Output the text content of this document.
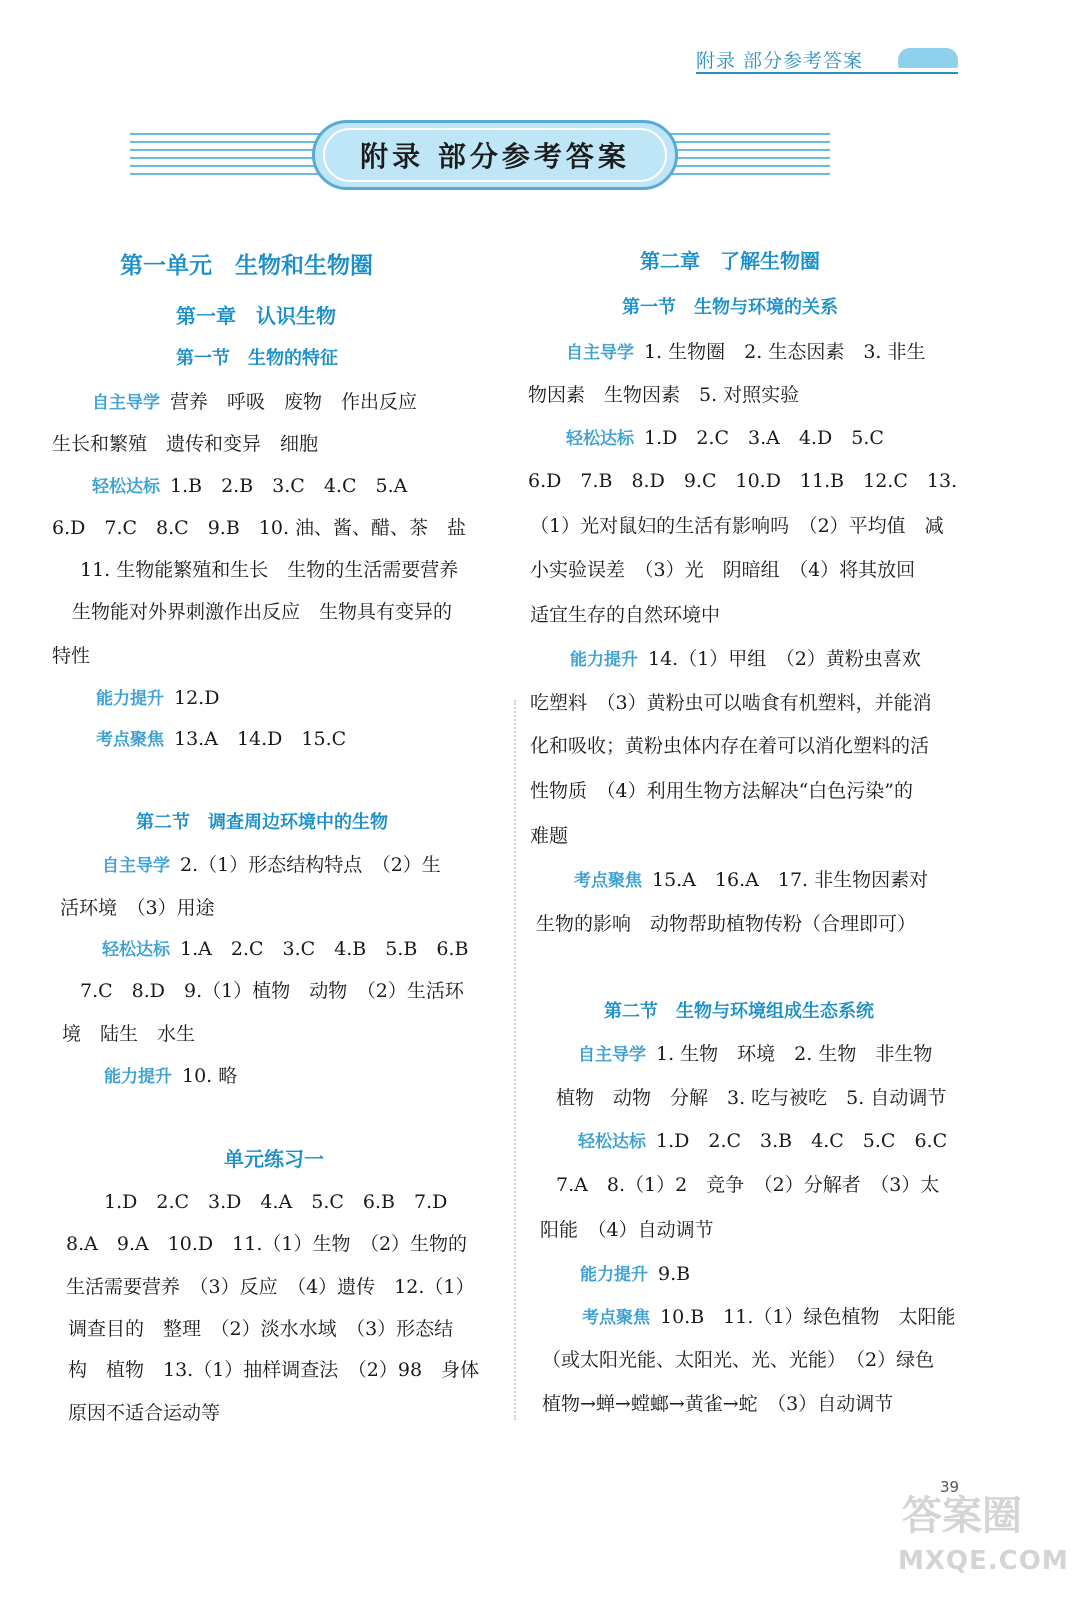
附录 部分参考答案
附录 部分参考答案
第一单元　生物和生物圈
第一章　认识生物
第一节　生物的特征
自主导学 营养　呼吸　废物　作出反应
生长和繁殖　遗传和变异　细胞
轻松达标 1.B　2.B　3.C　4.C　5.A
6.D　7.C　8.C　9.B　10. 油、酱、醋、茶　盐
11. 生物能繁殖和生长　生物的生活需要营养
生物能对外界刺激作出反应　生物具有变异的
特性
能力提升 12.D
考点聚焦 13.A　14.D　15.C
第二节　调查周边环境中的生物
自主导学 2.（1）形态结构特点　（2）生
活环境　（3）用途
轻松达标 1.A　2.C　3.C　4.B　5.B　6.B
7.C　8.D　9.（1）植物　动物　（2）生活环
境　陆生　水生
能力提升 10. 略
单元练习一
1.D　2.C　3.D　4.A　5.C　6.B　7.D
8.A　9.A　10.D　11.（1）生物　（2）生物的
生活需要营养　（3）反应　（4）遗传　12.（1）
调查目的　整理　（2）淡水水域　（3）形态结
构　植物　13.（1）抽样调查法　（2）98　身体
原因不适合运动等
第二章　了解生物圈
第一节　生物与环境的关系
自主导学 1. 生物圈　2. 生态因素　3. 非生
物因素　生物因素　5. 对照实验
轻松达标 1.D　2.C　3.A　4.D　5.C
6.D　7.B　8.D　9.C　10.D　11.B　12.C　13.
（1）光对鼠妇的生活有影响吗　（2）平均值　减
小实验误差　（3）光　阴暗组　（4）将其放回
适宜生存的自然环境中
能力提升 14.（1）甲组　（2）黄粉虫喜欢
吃塑料　（3）黄粉虫可以啮食有机塑料，并能消
化和吸收；黄粉虫体内存在着可以消化塑料的活
性物质　（4）利用生物方法解决“白色污染”的
难题
考点聚焦 15.A　16.A　17. 非生物因素对
生物的影响　动物帮助植物传粉（合理即可）
第二节　生物与环境组成生态系统
自主导学 1. 生物　环境　2. 生物　非生物
植物　动物　分解　3. 吃与被吃　5. 自动调节
轻松达标 1.D　2.C　3.B　4.C　5.C　6.C
7.A　8.（1）2　竞争　（2）分解者　（3）太
阳能　（4）自动调节
能力提升 9.B
考点聚焦 10.B　11.（1）绿色植物　太阳能
（或太阳光能、太阳光、光、光能）　（2）绿色
植物→蝉→螳螂→黄雀→蛇　（3）自动调节
39
答案圈
MXQE.COM
